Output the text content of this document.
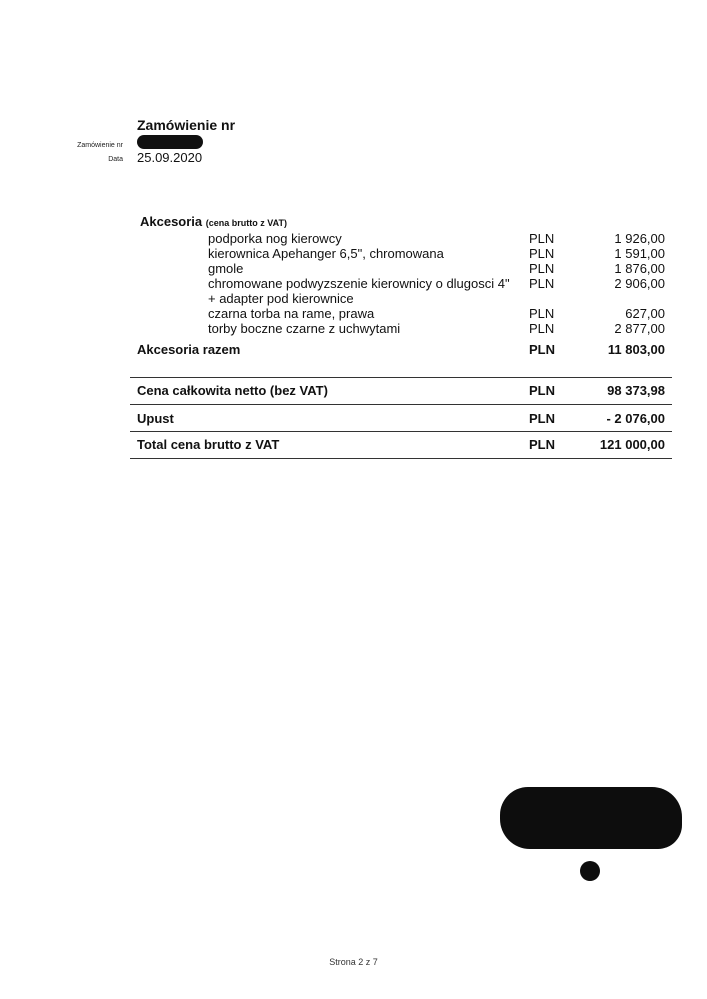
Zamówienie nr
Zamówienie nr
Data 25.09.2020
Akcesoria (cena brutto z VAT)
podporka nog kierowcy	PLN	1 926,00
kierownica Apehanger 6,5", chromowana	PLN	1 591,00
gmole	PLN	1 876,00
chromowane podwyzszenie kierownicy o dlugosci 4" PLN	2 906,00
+ adapter pod kierownice
czarna torba na rame, prawa	PLN	627,00
torby boczne czarne z uchwytami	PLN	2 877,00
Akcesoria razem	PLN	11 803,00
Cena całkowita netto (bez VAT)	PLN	98 373,98
Upust	PLN	- 2 076,00
Total cena brutto z VAT	PLN	121 000,00
Strona 2 z 7
